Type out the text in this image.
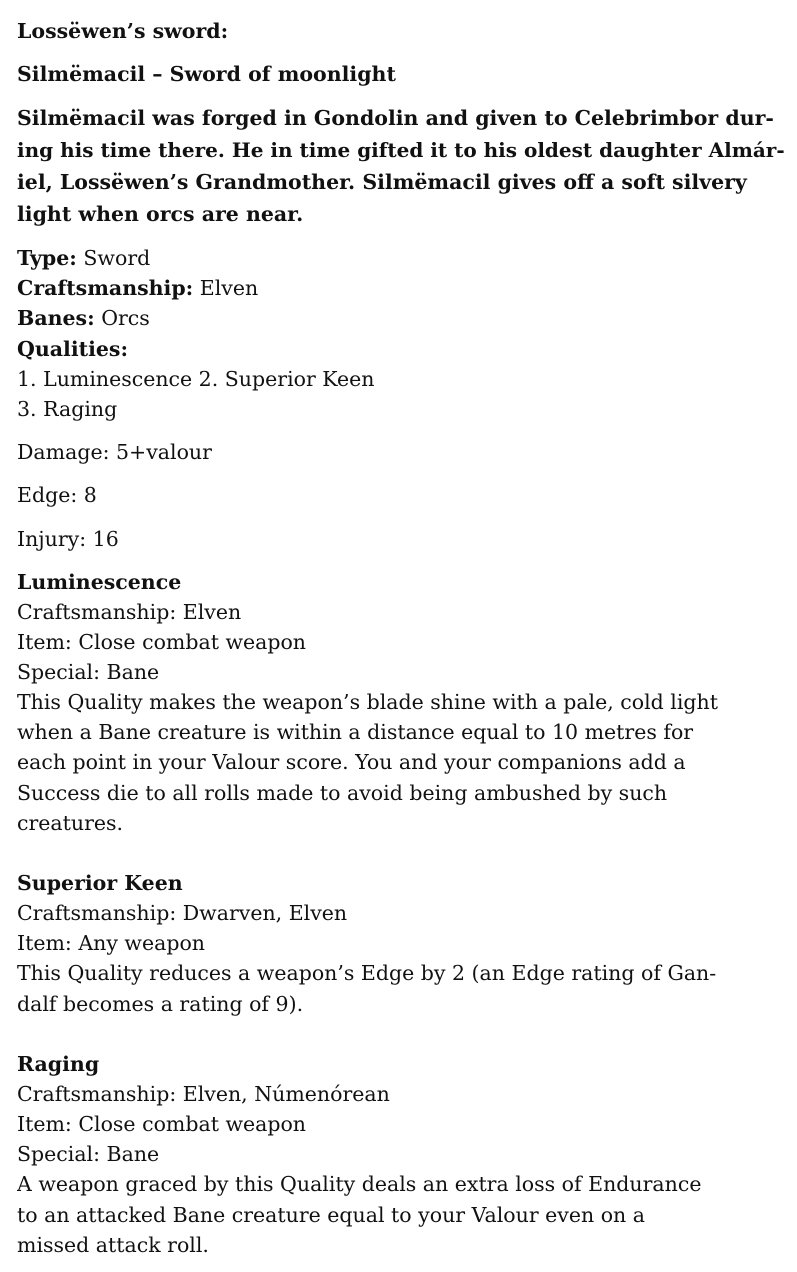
Lossëwen’s sword:
Silmëmacil – Sword of moonlight
Silmëmacil was forged in Gondolin and given to Celebrimbor dur-
ing his time there. He in time gifted it to his oldest daughter Almár-
iel, Lossëwen’s Grandmother. Silmëmacil gives off a soft silvery
light when orcs are near.
Type: Sword
Craftsmanship: Elven
Banes: Orcs
Qualities:
1. Luminescence 2. Superior Keen
3. Raging
Damage: 5+valour
Edge: 8
Injury: 16
Luminescence
Craftsmanship: Elven
Item: Close combat weapon
Special: Bane
This Quality makes the weapon’s blade shine with a pale, cold light
when a Bane creature is within a distance equal to 10 metres for
each point in your Valour score. You and your companions add a
Success die to all rolls made to avoid being ambushed by such
creatures.
Superior Keen
Craftsmanship: Dwarven, Elven
Item: Any weapon
This Quality reduces a weapon’s Edge by 2 (an Edge rating of Gan-
dalf becomes a rating of 9).
Raging
Craftsmanship: Elven, Númenórean
Item: Close combat weapon
Special: Bane
A weapon graced by this Quality deals an extra loss of Endurance
to an attacked Bane creature equal to your Valour even on a
missed attack roll.
